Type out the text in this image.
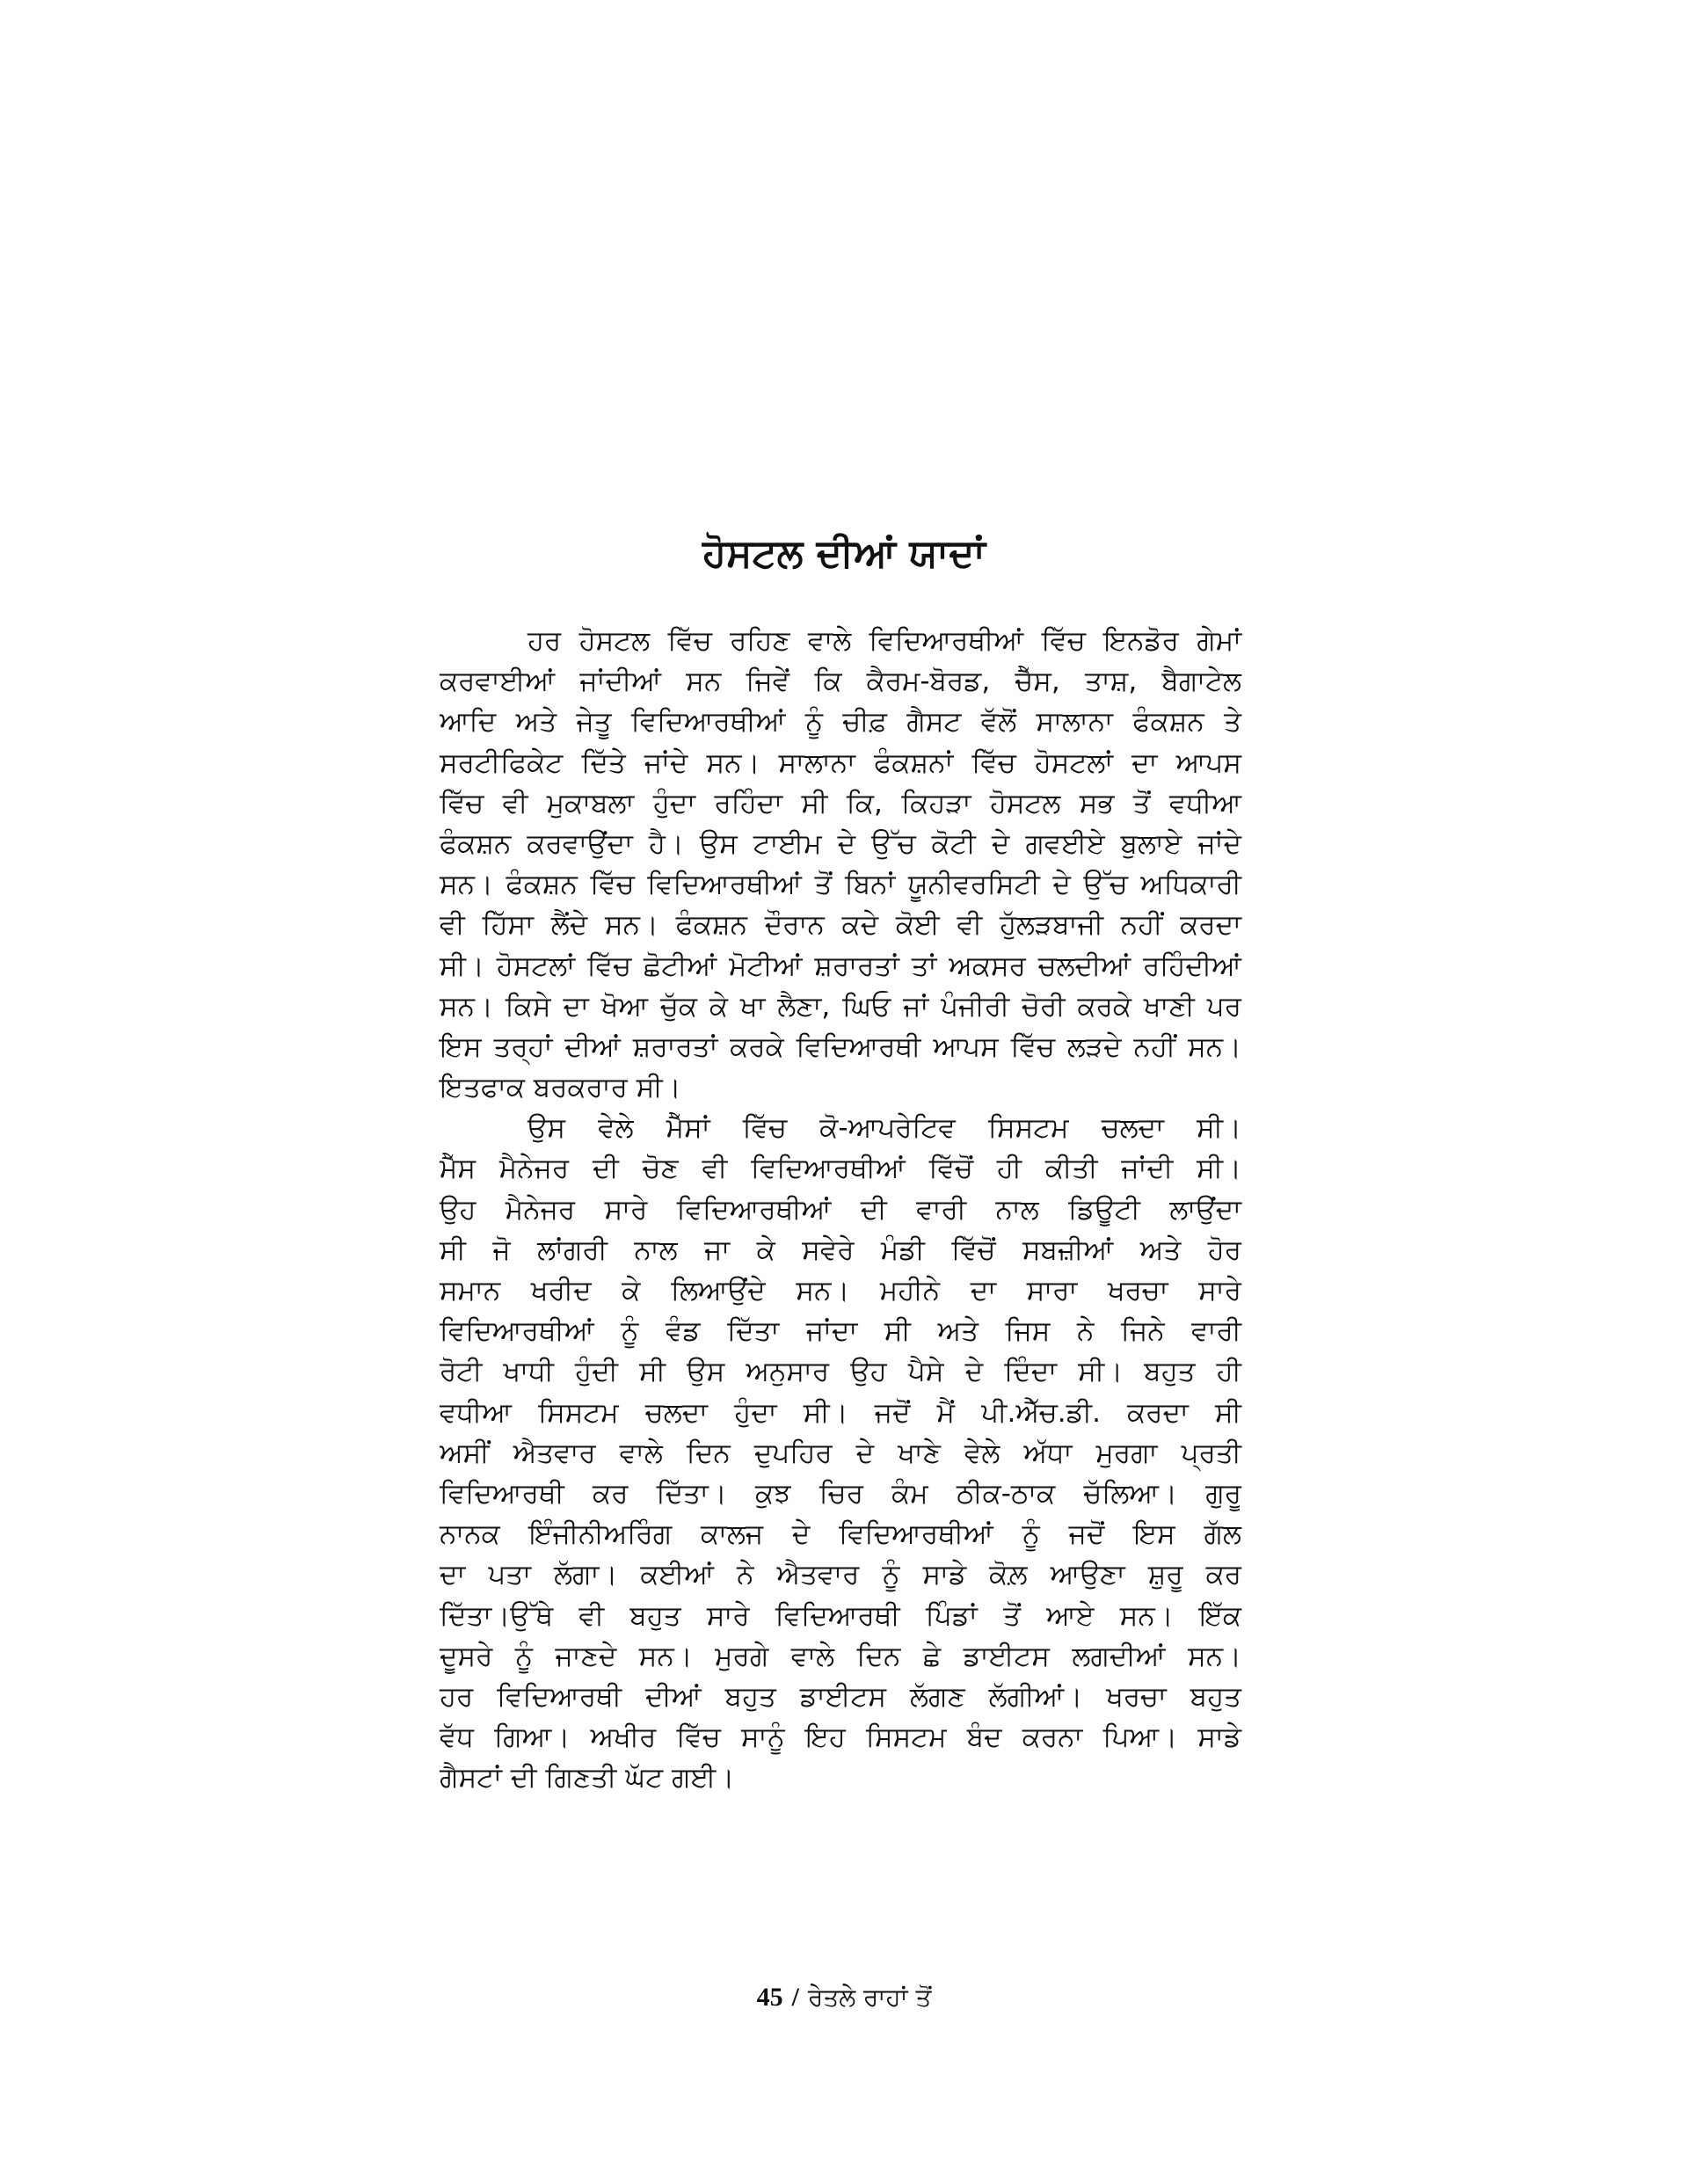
ਹੋਸਟਲ ਦੀਆਂ ਯਾਦਾਂ
ਹਰ ਹੋਸਟਲ ਵਿੱਚ ਰਹਿਣ ਵਾਲੇ ਵਿਦਿਆਰਥੀਆਂ ਵਿੱਚ ਇਨਡੋਰ ਗੇਮਾਂ
ਕਰਵਾਈਆਂ ਜਾਂਦੀਆਂ ਸਨ ਜਿਵੇਂ ਕਿ ਕੈਰਮ-ਬੋਰਡ, ਚੈੱਸ, ਤਾਸ਼, ਬੈਗਾਟੇਲ
ਆਦਿ ਅਤੇ ਜੇਤੂ ਵਿਦਿਆਰਥੀਆਂ ਨੂੰ ਚੀਫ਼ ਗੈਸਟ ਵੱਲੋਂ ਸਾਲਾਨਾ ਫੰਕਸ਼ਨ ਤੇ
ਸਰਟੀਫਿਕੇਟ ਦਿੱਤੇ ਜਾਂਦੇ ਸਨ। ਸਾਲਾਨਾ ਫੰਕਸ਼ਨਾਂ ਵਿੱਚ ਹੋਸਟਲਾਂ ਦਾ ਆਪਸ
ਵਿੱਚ ਵੀ ਮੁਕਾਬਲਾ ਹੁੰਦਾ ਰਹਿੰਦਾ ਸੀ ਕਿ, ਕਿਹੜਾ ਹੋਸਟਲ ਸਭ ਤੋਂ ਵਧੀਆ
ਫੰਕਸ਼ਨ ਕਰਵਾਉਂਦਾ ਹੈ। ਉਸ ਟਾਈਮ ਦੇ ਉੱਚ ਕੋਟੀ ਦੇ ਗਵਈਏ ਬੁਲਾਏ ਜਾਂਦੇ
ਸਨ। ਫੰਕਸ਼ਨ ਵਿੱਚ ਵਿਦਿਆਰਥੀਆਂ ਤੋਂ ਬਿਨਾਂ ਯੂਨੀਵਰਸਿਟੀ ਦੇ ਉੱਚ ਅਧਿਕਾਰੀ
ਵੀ ਹਿੱਸਾ ਲੈਂਦੇ ਸਨ। ਫੰਕਸ਼ਨ ਦੌਰਾਨ ਕਦੇ ਕੋਈ ਵੀ ਹੁੱਲੜਬਾਜੀ ਨਹੀਂ ਕਰਦਾ
ਸੀ। ਹੋਸਟਲਾਂ ਵਿੱਚ ਛੋਟੀਆਂ ਮੋਟੀਆਂ ਸ਼ਰਾਰਤਾਂ ਤਾਂ ਅਕਸਰ ਚਲਦੀਆਂ ਰਹਿੰਦੀਆਂ
ਸਨ। ਕਿਸੇ ਦਾ ਖੋਆ ਚੁੱਕ ਕੇ ਖਾ ਲੈਣਾ, ਘਿਓ ਜਾਂ ਪੰਜੀਰੀ ਚੋਰੀ ਕਰਕੇ ਖਾਣੀ ਪਰ
ਇਸ ਤਰ੍ਹਾਂ ਦੀਆਂ ਸ਼ਰਾਰਤਾਂ ਕਰਕੇ ਵਿਦਿਆਰਥੀ ਆਪਸ ਵਿੱਚ ਲੜਦੇ ਨਹੀਂ ਸਨ।
ਇਤਫਾਕ ਬਰਕਰਾਰ ਸੀ।
ਉਸ ਵੇਲੇ ਮੈੱਸਾਂ ਵਿੱਚ ਕੋ-ਆਪਰੇਟਿਵ ਸਿਸਟਮ ਚਲਦਾ ਸੀ।
ਮੈੱਸ ਮੈਨੇਜਰ ਦੀ ਚੋਣ ਵੀ ਵਿਦਿਆਰਥੀਆਂ ਵਿੱਚੋਂ ਹੀ ਕੀਤੀ ਜਾਂਦੀ ਸੀ।
ਉਹ ਮੈਨੇਜਰ ਸਾਰੇ ਵਿਦਿਆਰਥੀਆਂ ਦੀ ਵਾਰੀ ਨਾਲ ਡਿਊਟੀ ਲਾਉਂਦਾ
ਸੀ ਜੋ ਲਾਂਗਰੀ ਨਾਲ ਜਾ ਕੇ ਸਵੇਰੇ ਮੰਡੀ ਵਿੱਚੋਂ ਸਬਜ਼ੀਆਂ ਅਤੇ ਹੋਰ
ਸਮਾਨ ਖਰੀਦ ਕੇ ਲਿਆਉਂਦੇ ਸਨ। ਮਹੀਨੇ ਦਾ ਸਾਰਾ ਖਰਚਾ ਸਾਰੇ
ਵਿਦਿਆਰਥੀਆਂ ਨੂੰ ਵੰਡ ਦਿੱਤਾ ਜਾਂਦਾ ਸੀ ਅਤੇ ਜਿਸ ਨੇ ਜਿਨੇ ਵਾਰੀ
ਰੋਟੀ ਖਾਧੀ ਹੁੰਦੀ ਸੀ ਉਸ ਅਨੁਸਾਰ ਉਹ ਪੈਸੇ ਦੇ ਦਿੰਦਾ ਸੀ। ਬਹੁਤ ਹੀ
ਵਧੀਆ ਸਿਸਟਮ ਚਲਦਾ ਹੁੰਦਾ ਸੀ। ਜਦੋਂ ਮੈਂ ਪੀ.ਐੱਚ.ਡੀ. ਕਰਦਾ ਸੀ
ਅਸੀਂ ਐਤਵਾਰ ਵਾਲੇ ਦਿਨ ਦੁਪਹਿਰ ਦੇ ਖਾਣੇ ਵੇਲੇ ਅੱਧਾ ਮੁਰਗਾ ਪ੍ਰਤੀ
ਵਿਦਿਆਰਥੀ ਕਰ ਦਿੱਤਾ। ਕੁਝ ਚਿਰ ਕੰਮ ਠੀਕ-ਠਾਕ ਚੱਲਿਆ। ਗੁਰੂ
ਨਾਨਕ ਇੰਜੀਨੀਅਰਿੰਗ ਕਾਲਜ ਦੇ ਵਿਦਿਆਰਥੀਆਂ ਨੂੰ ਜਦੋਂ ਇਸ ਗੱਲ
ਦਾ ਪਤਾ ਲੱਗਾ। ਕਈਆਂ ਨੇ ਐਤਵਾਰ ਨੂੰ ਸਾਡੇ ਕੋਲ਼ ਆਉਣਾ ਸ਼ੁਰੂ ਕਰ
ਦਿੱਤਾ।ਉੱਥੇ ਵੀ ਬਹੁਤ ਸਾਰੇ ਵਿਦਿਆਰਥੀ ਪਿੰਡਾਂ ਤੋਂ ਆਏ ਸਨ। ਇੱਕ
ਦੂਸਰੇ ਨੂੰ ਜਾਣਦੇ ਸਨ। ਮੁਰਗੇ ਵਾਲੇ ਦਿਨ ਛੇ ਡਾਈਟਸ ਲਗਦੀਆਂ ਸਨ।
ਹਰ ਵਿਦਿਆਰਥੀ ਦੀਆਂ ਬਹੁਤ ਡਾਈਟਸ ਲੱਗਣ ਲੱਗੀਆਂ। ਖਰਚਾ ਬਹੁਤ
ਵੱਧ ਗਿਆ। ਅਖੀਰ ਵਿੱਚ ਸਾਨੂੰ ਇਹ ਸਿਸਟਮ ਬੰਦ ਕਰਨਾ ਪਿਆ। ਸਾਡੇ
ਗੈਸਟਾਂ ਦੀ ਗਿਣਤੀ ਘੱਟ ਗਈ।
45 / ਰੇਤਲੇ ਰਾਹਾਂ ਤੋਂ
